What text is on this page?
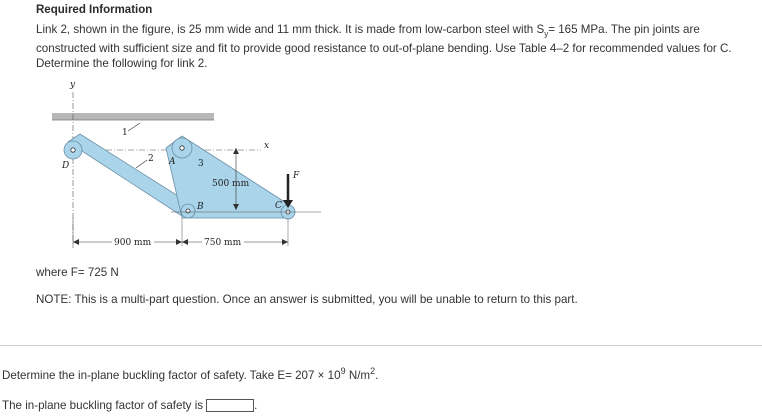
Required Information
Link 2, shown in the figure, is 25 mm wide and 11 mm thick. It is made from low-carbon steel with $S_y= 165$ MPa. The pin joints are constructed with sufficient size and fit to provide good resistance to out-of-plane bending. Use Table 4–2 for recommended values for C. Determine the following for link 2.
y
x
F
D	A
B	C
1
2	3
500 mm
900 mm	750 mm
where F= 725 N
NOTE: This is a multi-part question. Once an answer is submitted, you will be unable to return to this part.
Determine the in-plane buckling factor of safety. Take $E= 207 \times 10^9$ $N/m^2$.
The in-plane buckling factor of safety is	.
